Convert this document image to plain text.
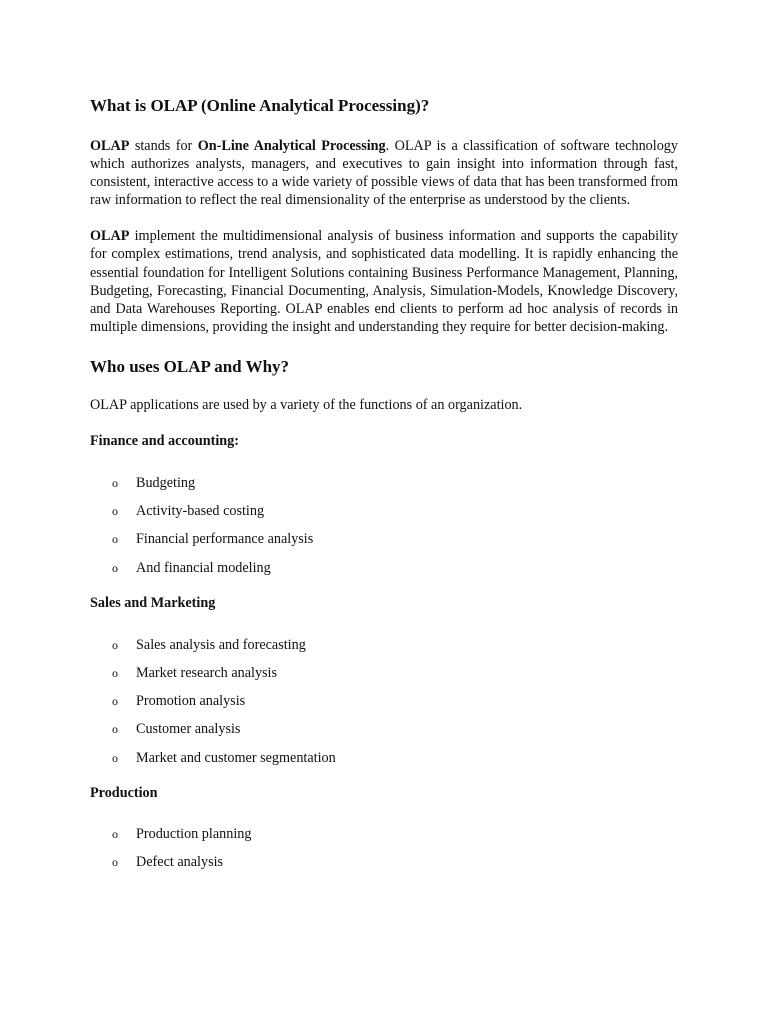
What is OLAP (Online Analytical Processing)?

OLAP stands for On-Line Analytical Processing. OLAP is a classification of software technology which authorizes analysts, managers, and executives to gain insight into information through fast, consistent, interactive access to a wide variety of possible views of data that has been transformed from raw information to reflect the real dimensionality of the enterprise as understood by the clients.

OLAP implement the multidimensional analysis of business information and supports the capability for complex estimations, trend analysis, and sophisticated data modelling. It is rapidly enhancing the essential foundation for Intelligent Solutions containing Business Performance Management, Planning, Budgeting, Forecasting, Financial Documenting, Analysis, Simulation-Models, Knowledge Discovery, and Data Warehouses Reporting. OLAP enables end clients to perform ad hoc analysis of records in multiple dimensions, providing the insight and understanding they require for better decision-making.

Who uses OLAP and Why?

OLAP applications are used by a variety of the functions of an organization.

Finance and accounting:
o Budgeting
o Activity-based costing
o Financial performance analysis
o And financial modeling
Sales and Marketing
o Sales analysis and forecasting
o Market research analysis
o Promotion analysis
o Customer analysis
o Market and customer segmentation
Production
o Production planning
o Defect analysis
